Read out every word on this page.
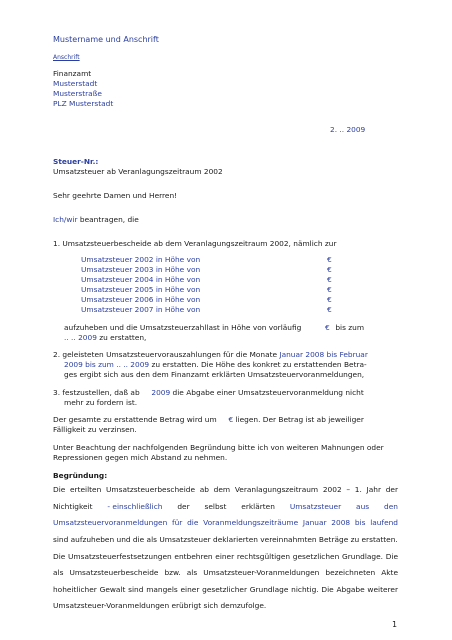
Mustername und Anschrift
Anschrift
Finanzamt
Musterstadt
Musterstraße
PLZ Musterstadt
2. .. 2009
Steuer-Nr.:
Umsatzsteuer ab Veranlagungszeitraum 2002
Sehr geehrte Damen und Herren!
Ich/wir beantragen, die
1. Umsatzsteuerbescheide ab dem Veranlagungszeitraum 2002, nämlich zur
Umsatzsteuer 2002 in Höhe von	€
Umsatzsteuer 2003 in Höhe von	€
Umsatzsteuer 2004 in Höhe von	€
Umsatzsteuer 2005 in Höhe von	€
Umsatzsteuer 2006 in Höhe von	€
Umsatzsteuer 2007 in Höhe von	€
aufzuheben und die Umsatzsteuerzahllast in Höhe von vorläufig	€ bis zum
.. .. 2009 zu erstatten,
2. geleisteten Umsatzsteuervorauszahlungen für die Monate Januar 2008 bis Februar
2009 bis zum .. .. 2009 zu erstatten. Die Höhe des konkret zu erstattenden Betra-
ges ergibt sich aus den dem Finanzamt erklärten Umsatzsteuervoranmeldungen,
3. festzustellen, daß ab 2009 die Abgabe einer Umsatzsteuervoranmeldung nicht
mehr zu fordern ist.
Der gesamte zu erstattende Betrag wird um € liegen. Der Betrag ist ab jeweiliger
Fälligkeit zu verzinsen.
Unter Beachtung der nachfolgenden Begründung bitte ich von weiteren Mahnungen oder
Repressionen gegen mich Abstand zu nehmen.
Begründung:
Die erteilten Umsatzsteuerbescheide ab dem Veranlagungszeitraum 2002 – 1. Jahr der
Nichtigkeit - einschließlich der selbst erklärten Umsatzsteuer aus den
Umsatzsteuervoranmeldungen für die Voranmeldungszeiträume Januar 2008 bis laufend
sind aufzuheben und die als Umsatzsteuer deklarierten vereinnahmten Beträge zu erstatten.
Die Umsatzsteuerfestsetzungen entbehren einer rechtsgültigen gesetzlichen Grundlage. Die
als Umsatzsteuerbescheide bzw. als Umsatzsteuer-Voranmeldungen bezeichneten Akte
hoheitlicher Gewalt sind mangels einer gesetzlicher Grundlage nichtig. Die Abgabe weiterer
Umsatzsteuer-Voranmeldungen erübrigt sich demzufolge.
1
